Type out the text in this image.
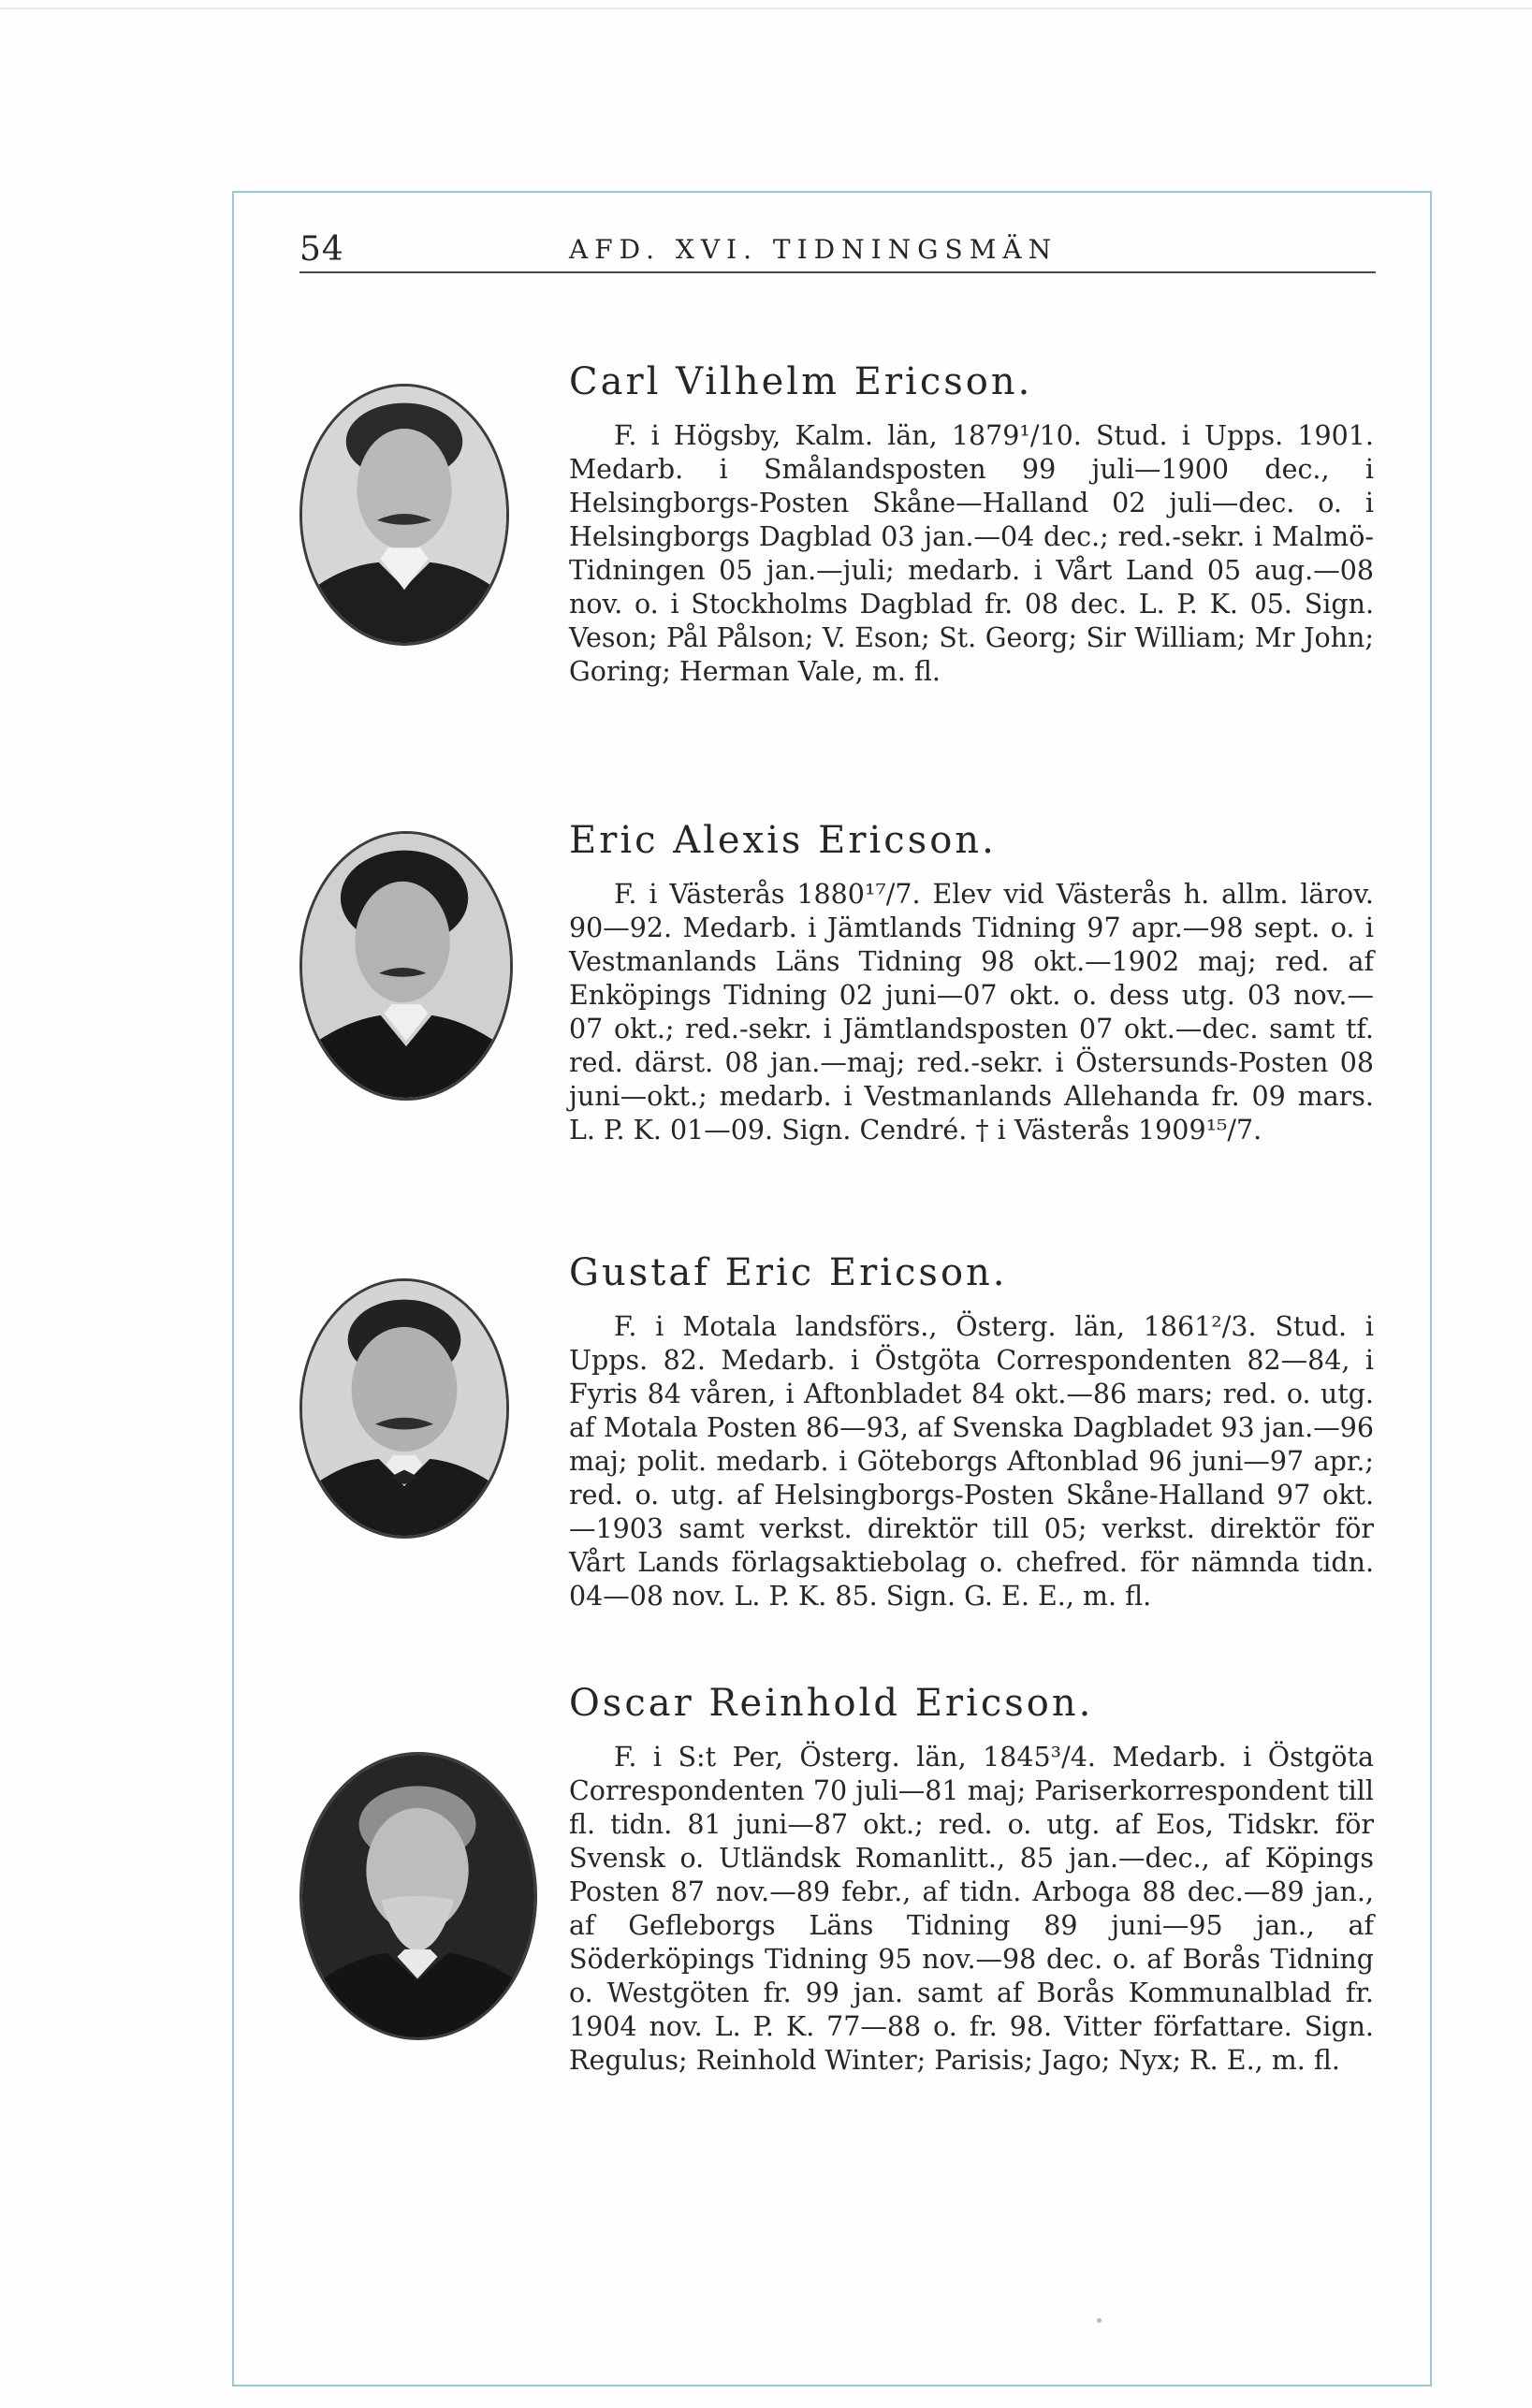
54	AFD. XVI. TIDNINGSMÄN
Carl Vilhelm Ericson.

F. i Högsby, Kalm. län, 1879¹/10. Stud. i Upps. 1901. Medarb. i Smålandsposten 99 juli—1900 dec., i Helsingborgs-Posten Skåne—Halland 02 juli—dec. o. i Helsingborgs Dagblad 03 jan.—04 dec.; red.-sekr. i Malmö-Tidningen 05 jan.—juli; medarb. i Vårt Land 05 aug.—08 nov. o. i Stockholms Dagblad fr. 08 dec. L. P. K. 05. Sign. Veson; Pål Pålson; V. Eson; St. Georg; Sir William; Mr John; Goring; Herman Vale, m. fl.

Eric Alexis Ericson.

F. i Västerås 1880¹⁷/7. Elev vid Västerås h. allm. lärov. 90—92. Medarb. i Jämtlands Tidning 97 apr.—98 sept. o. i Vestmanlands Läns Tidning 98 okt.—1902 maj; red. af Enköpings Tidning 02 juni—07 okt. o. dess utg. 03 nov.—07 okt.; red.-sekr. i Jämtlandsposten 07 okt.—dec. samt tf. red. därst. 08 jan.—maj; red.-sekr. i Östersunds-Posten 08 juni—okt.; medarb. i Vestmanlands Allehanda fr. 09 mars. L. P. K. 01—09. Sign. Cendré. † i Västerås 1909¹⁵/7.

Gustaf Eric Ericson.

F. i Motala landsförs., Österg. län, 1861²/3. Stud. i Upps. 82. Medarb. i Östgöta Correspondenten 82—84, i Fyris 84 våren, i Aftonbladet 84 okt.—86 mars; red. o. utg. af Motala Posten 86—93, af Svenska Dagbladet 93 jan.—96 maj; polit. medarb. i Göteborgs Aftonblad 96 juni—97 apr.; red. o. utg. af Helsingborgs-Posten Skåne-Halland 97 okt.—1903 samt verkst. direktör till 05; verkst. direktör för Vårt Lands förlagsaktiebolag o. chefred. för nämnda tidn. 04—08 nov. L. P. K. 85. Sign. G. E. E., m. fl.

Oscar Reinhold Ericson.

F. i S:t Per, Österg. län, 1845³/4. Medarb. i Östgöta Correspondenten 70 juli—81 maj; Pariserkorrespondent till fl. tidn. 81 juni—87 okt.; red. o. utg. af Eos, Tidskr. för Svensk o. Utländsk Romanlitt., 85 jan.—dec., af Köpings Posten 87 nov.—89 febr., af tidn. Arboga 88 dec.—89 jan., af Gefleborgs Läns Tidning 89 juni—95 jan., af Söderköpings Tidning 95 nov.—98 dec. o. af Borås Tidning o. Westgöten fr. 99 jan. samt af Borås Kommunalblad fr. 1904 nov. L. P. K. 77—88 o. fr. 98. Vitter författare. Sign. Regulus; Reinhold Winter; Parisis; Jago; Nyx; R. E., m. fl.
